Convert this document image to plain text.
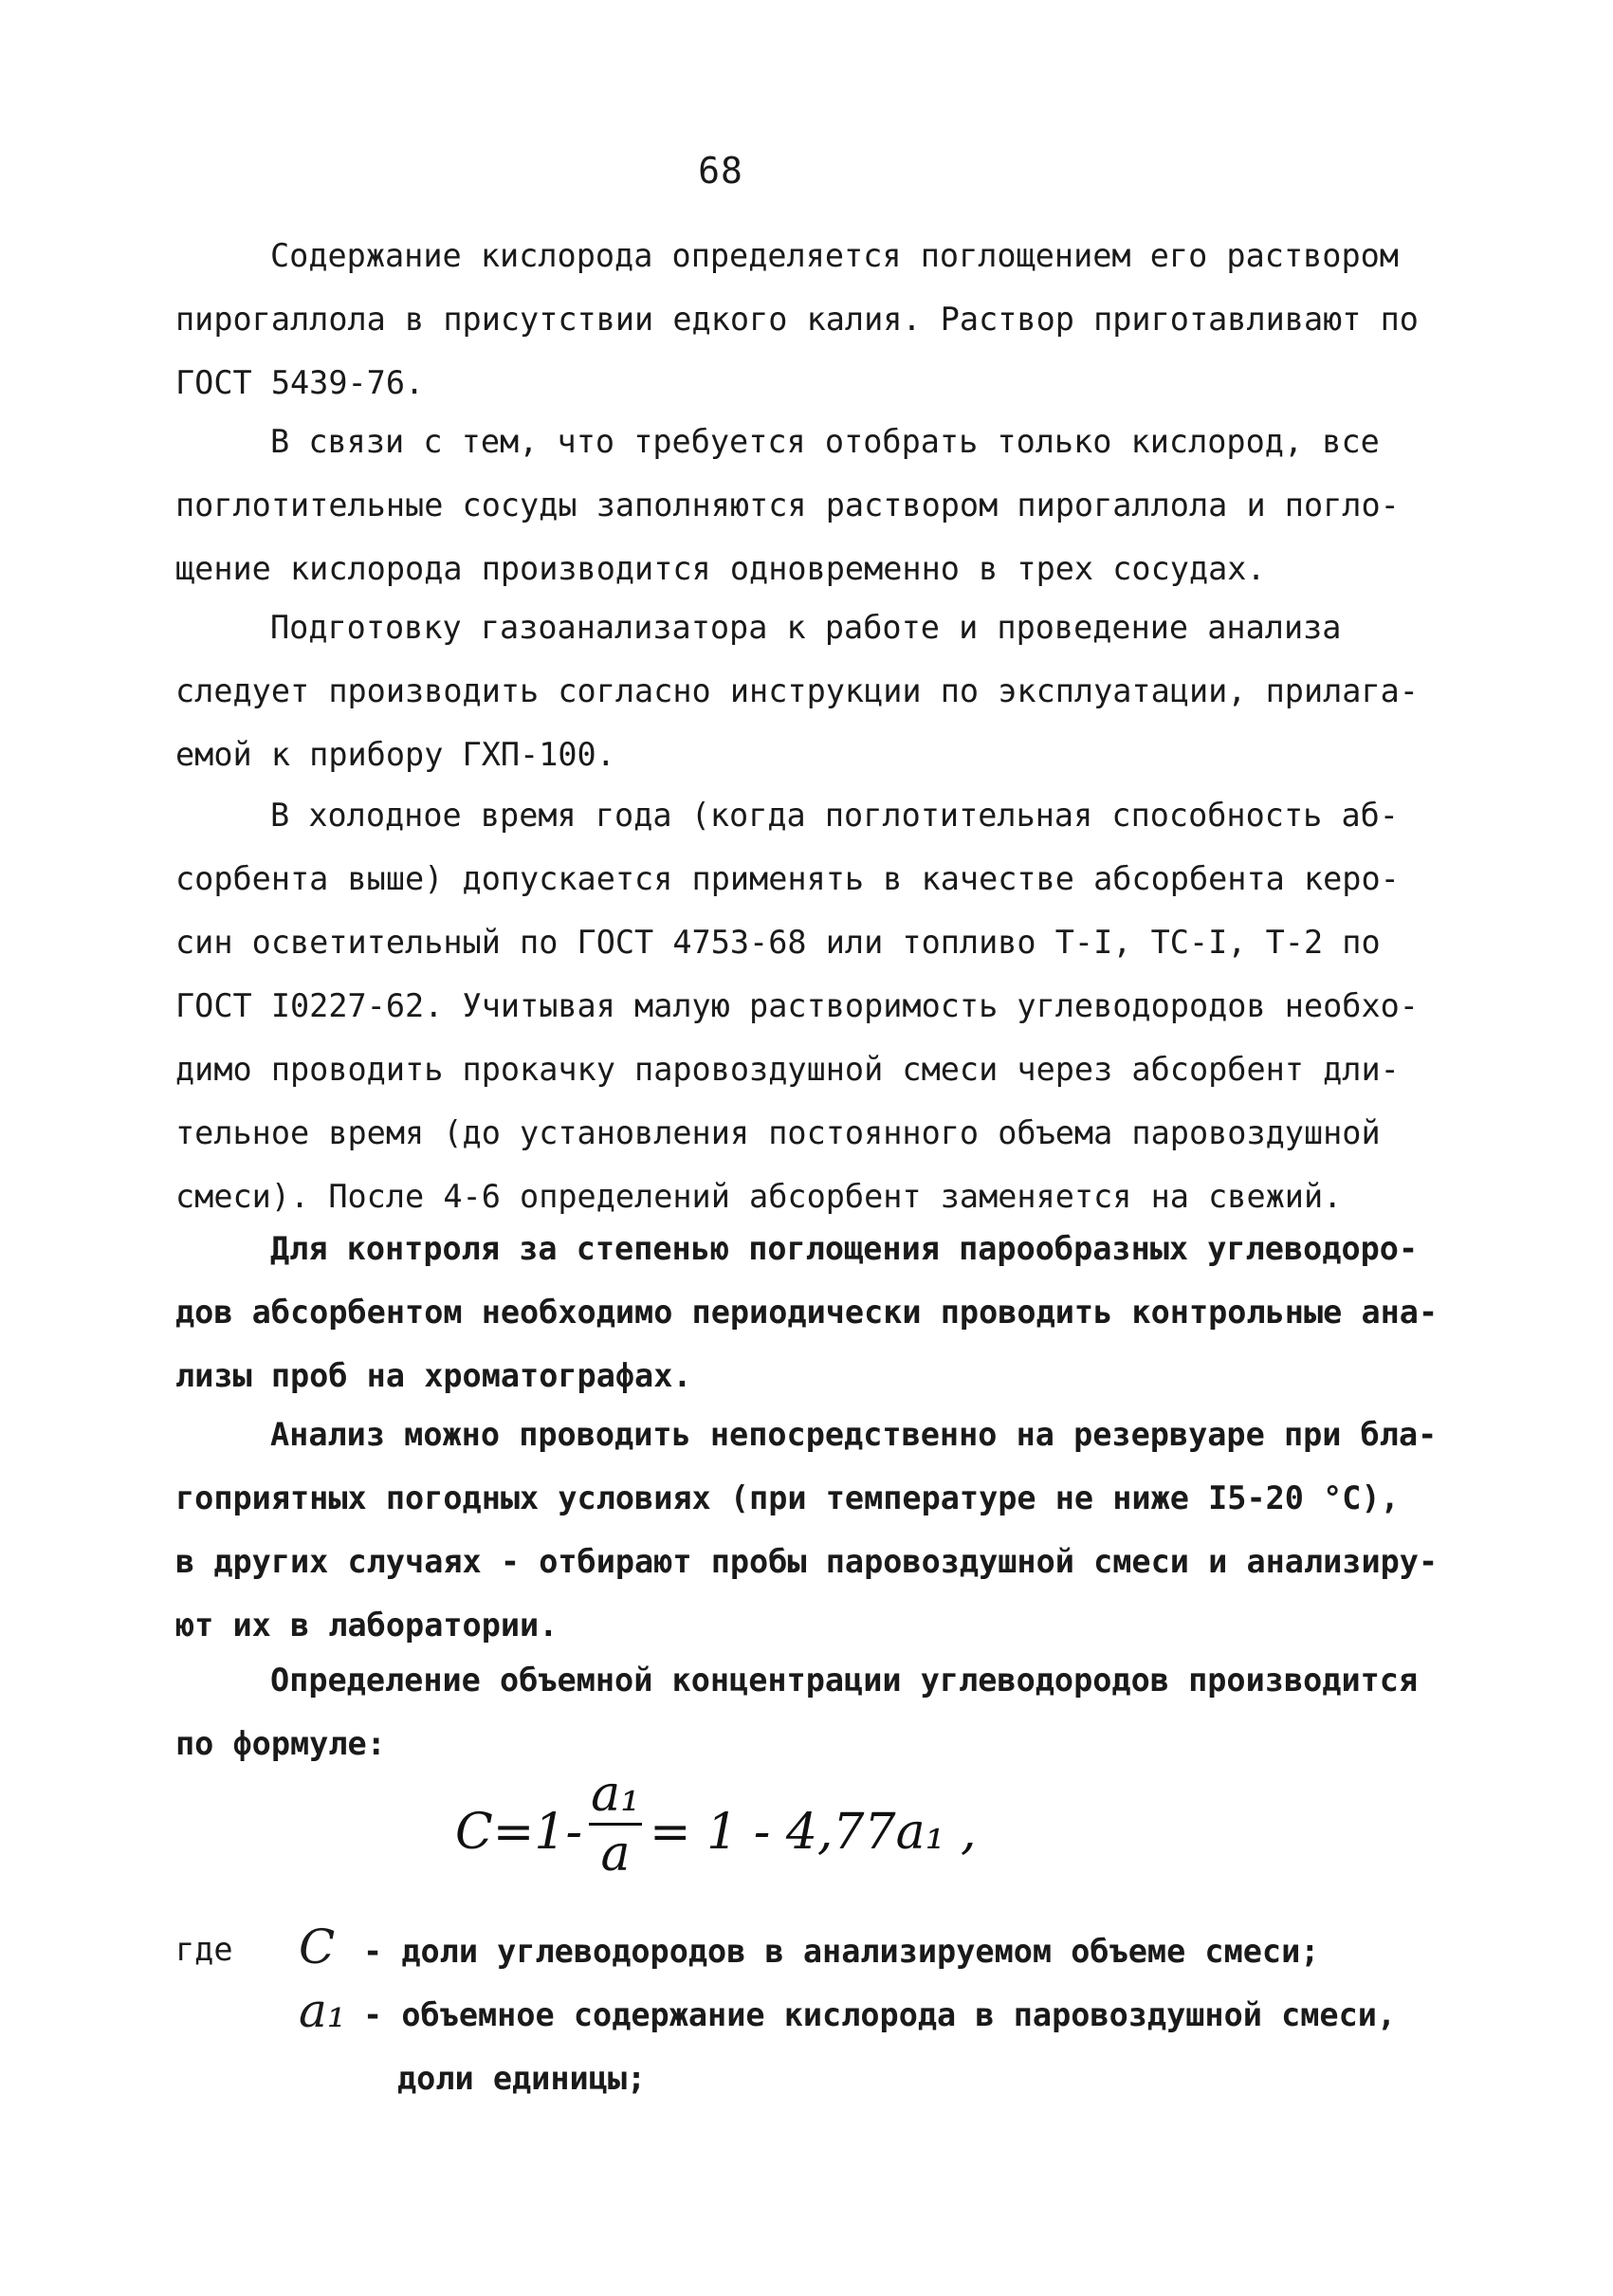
68

Содержание кислорода определяется поглощением его раствором
пирогаллола в присутствии едкого калия. Раствор приготавливают по
ГОСТ 5439-76.

В связи с тем, что требуется отобрать только кислород, все
поглотительные сосуды заполняются раствором пирогаллола и погло-
щение кислорода производится одновременно в трех сосудах.

Подготовку газоанализатора к работе и проведение анализа
следует производить согласно инструкции по эксплуатации, прилага-
емой к прибору ГХП-100.

В холодное время года (когда поглотительная способность аб-
сорбента выше) допускается применять в качестве абсорбента керо-
син осветительный по ГОСТ 4753-68 или топливо Т-I, ТС-I, Т-2 по
ГОСТ I0227-62. Учитывая малую растворимость углеводородов необхо-
димо проводить прокачку паровоздушной смеси через абсорбент дли-
тельное время (до установления постоянного объема паровоздушной
смеси). После 4-6 определений абсорбент заменяется на свежий.

Для контроля за степенью поглощения парообразных углеводоро-
дов абсорбентом необходимо периодически проводить контрольные ана-
лизы проб на хроматографах.

Анализ можно проводить непосредственно на резервуаре при бла-
гоприятных погодных условиях (при температуре не ниже I5-20 °С),
в других случаях - отбирают пробы паровоздушной смеси и анализиру-
ют их в лаборатории.

Определение объемной концентрации углеводородов производится
по формуле:

C=1-
a₁
a = 1 - 4,77a₁ ,
где C - доли углеводородов в анализируемом объеме смеси;
a₁ - объемное содержание кислорода в паровоздушной смеси,
доли единицы;
